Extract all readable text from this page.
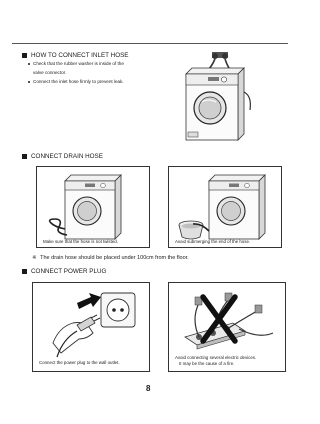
HOW TO CONNECT INLET HOSE
Check that the rubber washer is inside of the
valve connector.
Connect the inlet hose firmly to prevent leak.
CONNECT DRAIN HOSE
Make sure that the hose is not twisted.	Avoid submerging the end of the hose.
※ The drain hose should be placed under 100cm from the floor.
CONNECT POWER PLUG
Connect the power plug to the wall outlet.
Avoid connecting several electric devices.
It may be the cause of a fire.
8
